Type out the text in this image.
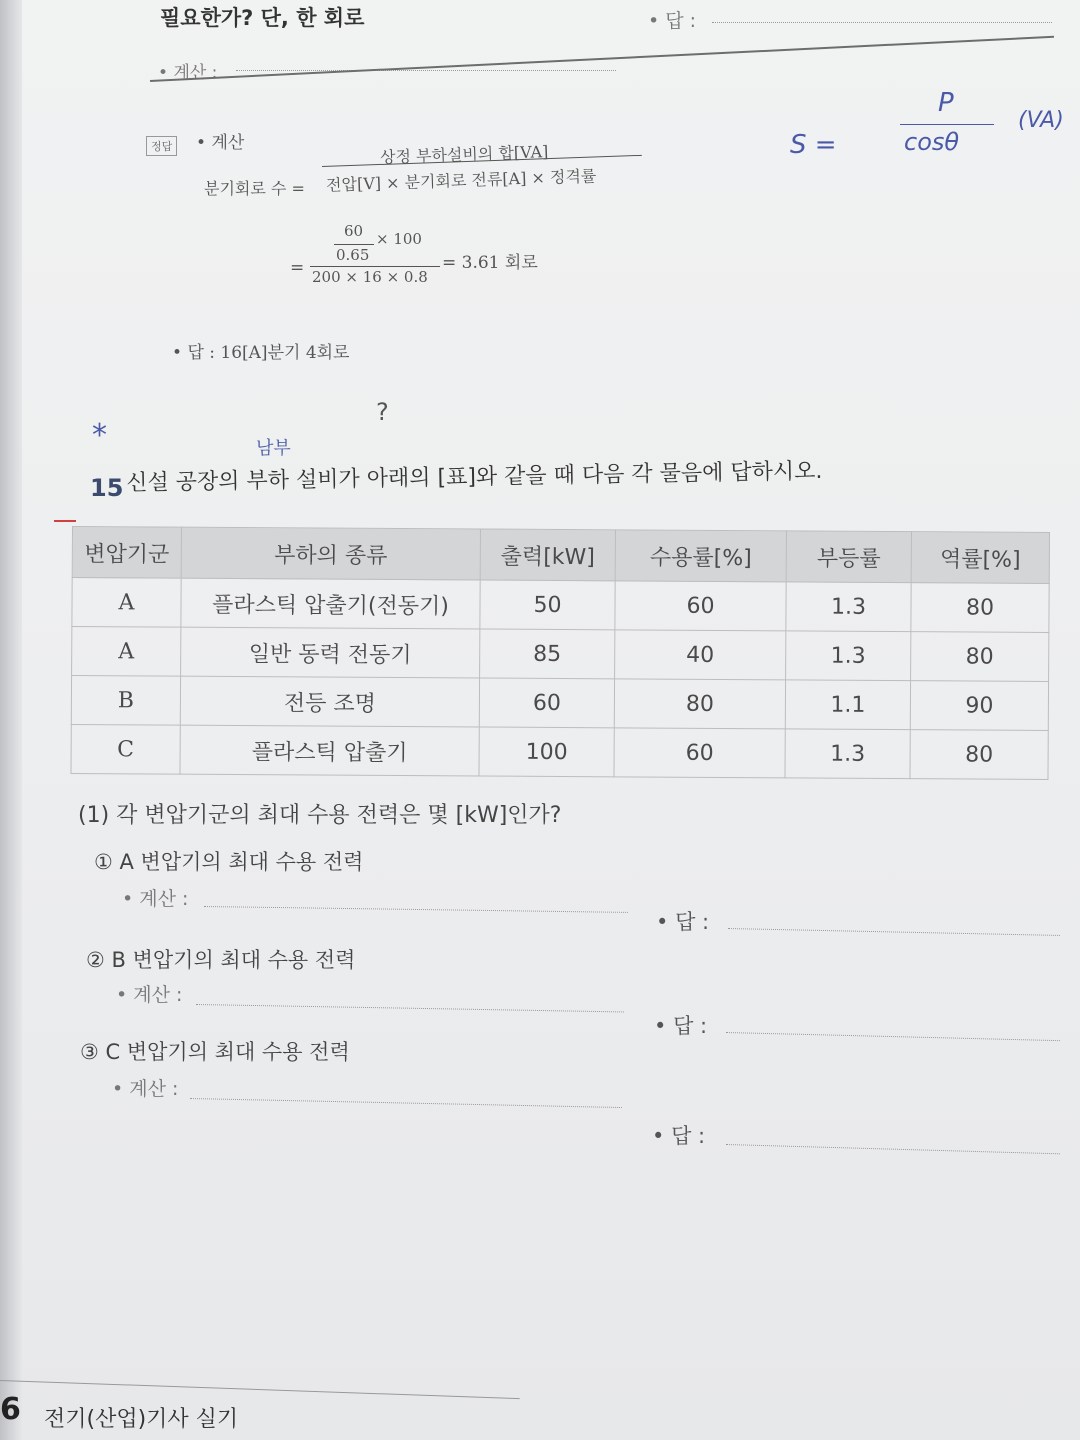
필요한가? 단, 한 회로	• 답 :
• 계산 :
정답	• 계산
분기회로 수 =
상정 부하설비의 합[VA]
전압[V] × 분기회로 전류[A] × 정격률
=
60
0.65
× 100
200 × 16 × 0.8
= 3.61 회로
• 답 : 16[A]분기 4회로
S =
P
cosθ
(VA)
*
?
남부
15 신설 공장의 부하 설비가 아래의 [표]와 같을 때 다음 각 물음에 답하시오.
변압기군	부하의 종류	출력[kW]	수용률[%]	부등률	역률[%]
A	플라스틱 압출기(전동기)	50	60	1.3	80
A	일반 동력 전동기	85	40	1.3	80
B	전등 조명	60	80	1.1	90
C	플라스틱 압출기	100	60	1.3	80
(1) 각 변압기군의 최대 수용 전력은 몇 [kW]인가?
① A 변압기의 최대 수용 전력
• 계산 :
• 답 :
② B 변압기의 최대 수용 전력
• 계산 :
• 답 :
③ C 변압기의 최대 수용 전력
• 계산 :
• 답 :
6 전기(산업)기사 실기
